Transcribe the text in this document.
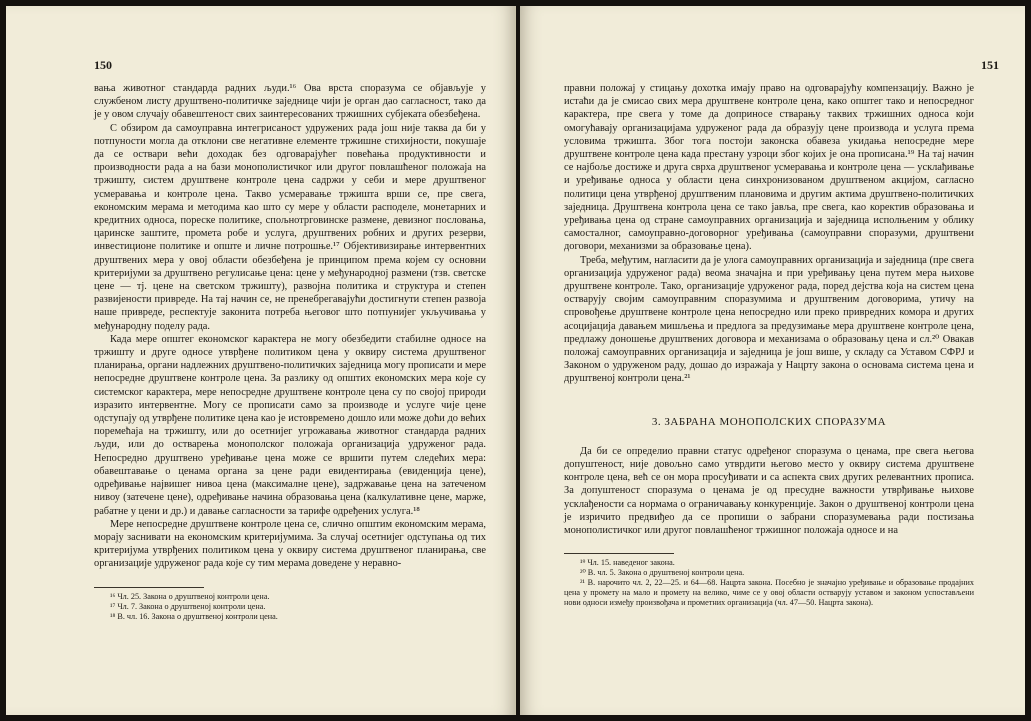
150

вања животног стандарда радних људи.¹⁶ Ова врста споразума се објављује у службеном листу друштвено-политичке заједнице чији је орган дао сагласност, тако да је у овом случају обавештеност свих заинтересованих тржишних субјеката обезбеђена.

С обзиром да самоуправна интегрисаност удружених рада још није таква да би у потпуности могла да отклони све негативне елементе тржишне стихијности, покушаје да се оствари већи доходак без одговарајућег повећања продуктивности и производности рада а на бази монополистичког или другог повлашћеног положаја на тржишту, систем друштвене контроле цена садржи у себи и мере друштвеног усмеравања и контроле цена. Такво усмеравање тржишта врши се, пре свега, економским мерама и методима као што су мере у области расподеле, монетарних и кредитних односа, пореске политике, спољнотрговинске размене, девизног пословања, царинске заштите, промета робе и услуга, друштвених робних и других резерви, инвестиционе политике и опште и личне потрошње.¹⁷ Објективизирање интервентних друштвених мера у овој области обезбеђена је принципом према којем су основни критеријуми за друштвено регулисање цена: цене у међународној размени (тзв. светске цене — тј. цене на светском тржишту), развојна политика и структура и степен развијености привреде. На тај начин се, не пренебрегавајући достигнути степен развоја наше привреде, респектује законита потреба његовог што потпунијег укључивања у међународну поделу рада.

Када мере општег економског карактера не могу обезбедити стабилне односе на тржишту и друге односе утврђене политиком цена у оквиру система друштвеног планирања, органи надлежних друштвено-политичких заједница могу прописати и мере непосредне друштвене контроле цена. За разлику од општих економских мера које су системског карактера, мере непосредне друштвене контроле цена су по својој природи изразито интервентне. Могу се прописати само за производе и услуге чије цене одступају од утврђене политике цена као је истовремено дошло или може доћи до већих поремећаја на тржишту, или до осетнијег угрожавања животног стандарда радних људи, или до остварења монополског положаја организација удруженог рада. Непосредно друштвено уређивање цена може се вршити путем следећих мера: обавештавање о ценама органа за цене ради евидентирања (евиденција цене), одређивање највишег нивоа цена (максималне цене), задржавање цена на затеченом нивоу (затечене цене), одређивање начина образовања цена (калкулативне цене, марже, рабатне у цени и др.) и давање сагласности за тарифе одређених услуга.¹⁸

Мере непосредне друштвене контроле цена се, слично општим економским мерама, морају заснивати на економским критеријумима. За случај осетнијег одступања од тих критеријума утврђених политиком цена у оквиру система друштвеног планирања, све организације удруженог рада које су тим мерама доведене у неравно-

¹⁶ Чл. 25. Закона о друштвеној контроли цена.

¹⁷ Чл. 7. Закона о друштвеној контроли цена.

¹⁸ В. чл. 16. Закона о друштвеној контроли цена.

151

правни положај у стицању дохотка имају право на одговарајућу компензацију. Важно је истаћи да је смисао свих мера друштвене контроле цена, како општег тако и непосредног карактера, пре свега у томе да доприносе стварању таквих тржишних односа који омогућавају организацијама удруженог рада да образују цене производа и услуга према условима тржишта. Због тога постоји законска обавеза укидања непосредне мере друштвене контроле цена када престану узроци због којих је она прописана.¹⁹ На тај начин се најбоље достиже и друга сврха друштвеног усмеравања и контроле цена — усклађивање и уређивање односа у области цена синхронизованом друштвеном акцијом, сагласно политици цена утврђеној друштвеним плановима и другим актима друштвено-политичких заједница. Друштвена контрола цена се тако јавља, пре свега, као коректив образовања и уређивања цена од стране самоуправних организација и заједница исполњеним у облику самосталног, самоуправно-договорног уређивања (самоуправни споразуми, друштвени договори, механизми за образовање цена).

Треба, међутим, нагласити да је улога самоуправних организација и заједница (пре свега организација удруженог рада) веома значајна и при уређивању цена путем мера њихове друштвене контроле. Тако, организације удруженог рада, поред дејства која на систем цена остварују својим самоуправним споразумима и друштвеним договорима, утичу на спровођење друштвене контроле цена непосредно или преко привредних комора и других асоцијација давањем мишљења и предлога за предузимање мера друштвене контроле цена, предлажу доношење друштвених договора и механизама о образовању цена и сл.²⁰ Овакав положај самоуправних организација и заједница је још више, у складу са Уставом СФРЈ и Законом о удруженом раду, дошао до изражаја у Нацрту закона о основама система цена и друштвеној контроли цена.²¹

3. ЗАБРАНА МОНОПОЛСКИХ СПОРАЗУМА

Да би се определио правни статус одређеног споразума о ценама, пре свега његова допуштеност, није довољно само утврдити његово место у оквиру система друштвене контроле цена, већ се он мора просуђивати и са аспекта свих других релевантних прописа. За допуштеност споразума о ценама је од пресудне важности утврђивање њихове усклађености са нормама о ограничавању конкуренције. Закон о друштвеној контроли цена је изричито предвиђео да се пропиши о забрани споразумевања ради постизања монополистичког или другог повлашћеног тржишног положаја односе и на

¹⁹ Чл. 15. наведеног закона.

²⁰ В. чл. 5. Закона о друштвеној контроли цена.

²¹ В. нарочито чл. 2, 22—25. и 64—68. Нацрта закона. Посебно је значајно уређивање и образовање продајних цена у промету на мало и промету на велико, чиме се у овој области остварују уставом и законом успостављени нови односи између произвођача и прометних организација (чл. 47—50. Нацрта закона).
